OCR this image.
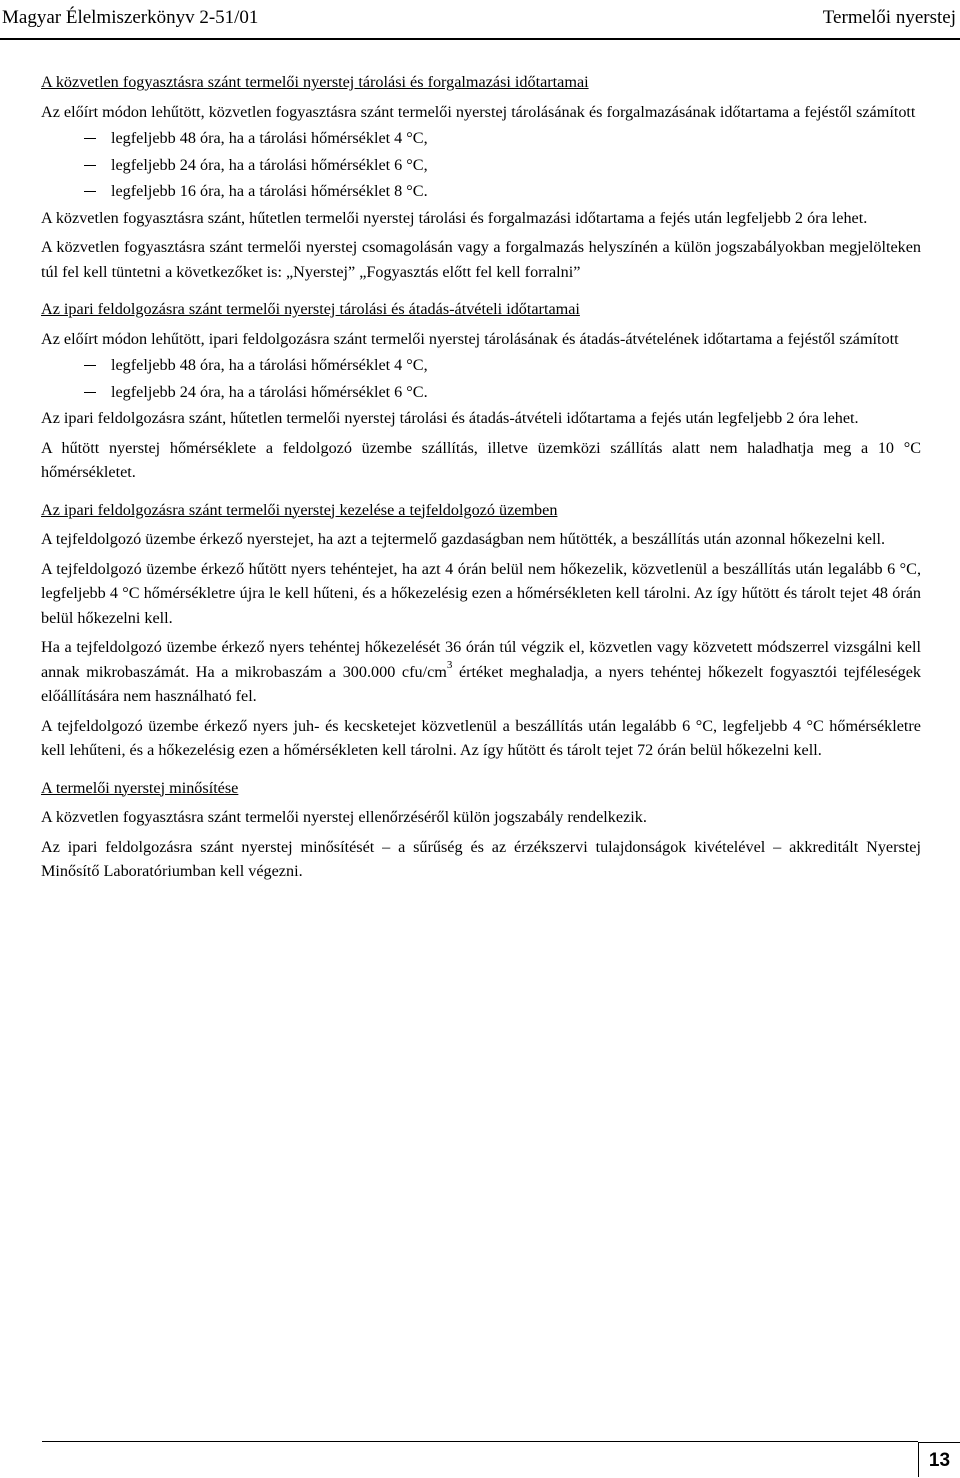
Magyar Élelmiszerkönyv 2-51/01	Termelői nyerstej

A közvetlen fogyasztásra szánt termelői nyerstej tárolási és forgalmazási időtartamai

Az előírt módon lehűtött, közvetlen fogyasztásra szánt termelői nyerstej tárolásának és forgalmazásának időtartama a fejéstől számított

legfeljebb 48 óra, ha a tárolási hőmérséklet 4 °C,
legfeljebb 24 óra, ha a tárolási hőmérséklet 6 °C,
legfeljebb 16 óra, ha a tárolási hőmérséklet 8 °C.

A közvetlen fogyasztásra szánt, hűtetlen termelői nyerstej tárolási és forgalmazási időtartama a fejés után legfeljebb 2 óra lehet.

A közvetlen fogyasztásra szánt termelői nyerstej csomagolásán vagy a forgalmazás helyszínén a külön jogszabályokban megjelölteken túl fel kell tüntetni a következőket is: „Nyerstej” „Fogyasztás előtt fel kell forralni”

Az ipari feldolgozásra szánt termelői nyerstej tárolási és átadás-átvételi időtartamai

Az előírt módon lehűtött, ipari feldolgozásra szánt termelői nyerstej tárolásának és átadás-átvételének időtartama a fejéstől számított

legfeljebb 48 óra, ha a tárolási hőmérséklet 4 °C,
legfeljebb 24 óra, ha a tárolási hőmérséklet 6 °C.

Az ipari feldolgozásra szánt, hűtetlen termelői nyerstej tárolási és átadás-átvételi időtartama a fejés után legfeljebb 2 óra lehet.

A hűtött nyerstej hőmérséklete a feldolgozó üzembe szállítás, illetve üzemközi szállítás alatt nem haladhatja meg a 10 °C hőmérsékletet.

Az ipari feldolgozásra szánt termelői nyerstej kezelése a tejfeldolgozó üzemben

A tejfeldolgozó üzembe érkező nyerstejet, ha azt a tejtermelő gazdaságban nem hűtötték, a beszállítás után azonnal hőkezelni kell.

A tejfeldolgozó üzembe érkező hűtött nyers tehéntejet, ha azt 4 órán belül nem hőkezelik, közvetlenül a beszállítás után legalább 6 °C, legfeljebb 4 °C hőmérsékletre újra le kell hűteni, és a hőkezelésig ezen a hőmérsékleten kell tárolni. Az így hűtött és tárolt tejet 48 órán belül hőkezelni kell.

Ha a tejfeldolgozó üzembe érkező nyers tehéntej hőkezelését 36 órán túl végzik el, közvetlen vagy közvetett módszerrel vizsgálni kell annak mikrobaszámát. Ha a mikrobaszám a 300.000 cfu/$cm^3$ értéket meghaladja, a nyers tehéntej hőkezelt fogyasztói tejféleségek előállítására nem használható fel.

A tejfeldolgozó üzembe érkező nyers juh- és kecsketejet közvetlenül a beszállítás után legalább 6 °C, legfeljebb 4 °C hőmérsékletre kell lehűteni, és a hőkezelésig ezen a hőmérsékleten kell tárolni. Az így hűtött és tárolt tejet 72 órán belül hőkezelni kell.

A termelői nyerstej minősítése

A közvetlen fogyasztásra szánt termelői nyerstej ellenőrzéséről külön jogszabály rendelkezik.

Az ipari feldolgozásra szánt nyerstej minősítését – a sűrűség és az érzékszervi tulajdonságok kivételével – akkreditált Nyerstej Minősítő Laboratóriumban kell végezni.

13
